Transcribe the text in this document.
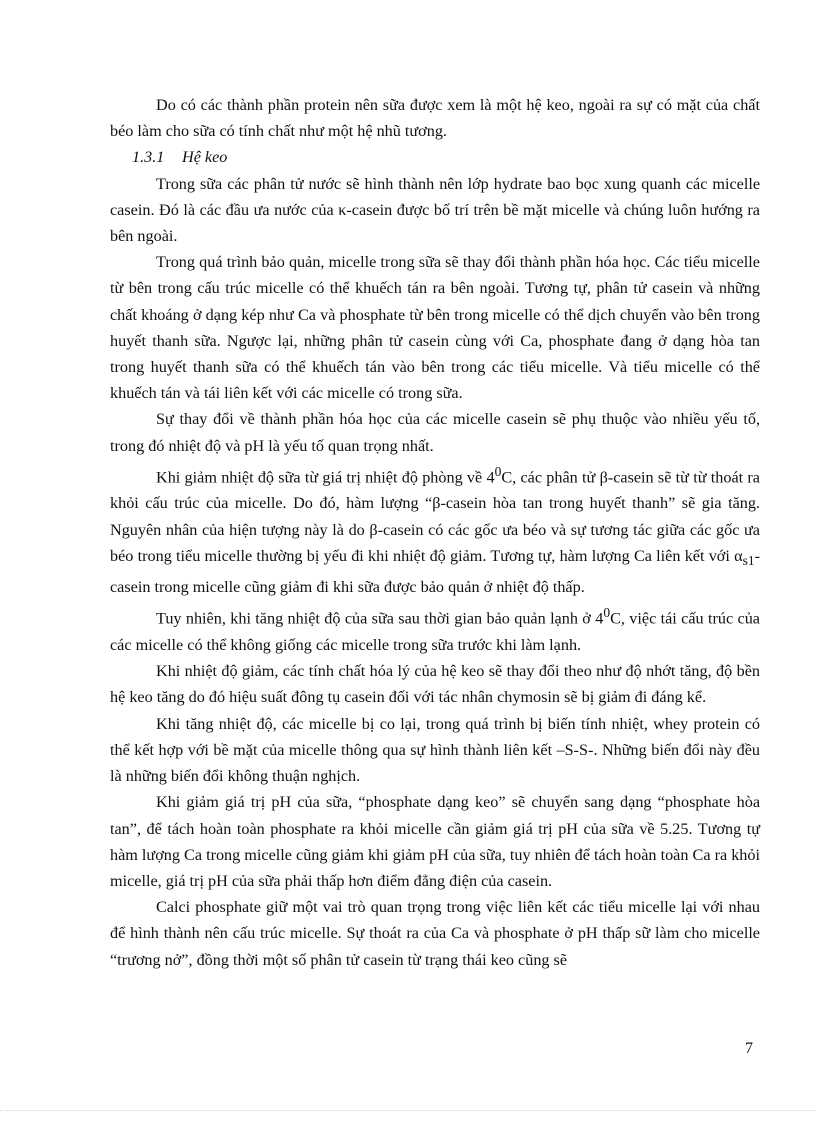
Do có các thành phần protein nên sữa được xem là một hệ keo, ngoài ra sự có mặt của chất béo làm cho sữa có tính chất như một hệ nhũ tương.

1.3.1 Hệ keo

Trong sữa các phân tử nước sẽ hình thành nên lớp hydrate bao bọc xung quanh các micelle casein. Đó là các đầu ưa nước của κ-casein được bố trí trên bề mặt micelle và chúng luôn hướng ra bên ngoài.

Trong quá trình bảo quản, micelle trong sữa sẽ thay đổi thành phần hóa học. Các tiểu micelle từ bên trong cấu trúc micelle có thể khuếch tán ra bên ngoài. Tương tự, phân tử casein và những chất khoáng ở dạng kép như Ca và phosphate từ bên trong micelle có thể dịch chuyển vào bên trong huyết thanh sữa. Ngược lại, những phân tử casein cùng với Ca, phosphate đang ở dạng hòa tan trong huyết thanh sữa có thể khuếch tán vào bên trong các tiểu micelle. Và tiểu micelle có thể khuếch tán và tái liên kết với các micelle có trong sữa.

Sự thay đổi về thành phần hóa học của các micelle casein sẽ phụ thuộc vào nhiều yếu tố, trong đó nhiệt độ và pH là yếu tố quan trọng nhất.

Khi giảm nhiệt độ sữa từ giá trị nhiệt độ phòng về $4^0C$, các phân tử β-casein sẽ từ từ thoát ra khỏi cấu trúc của micelle. Do đó, hàm lượng “β-casein hòa tan trong huyết thanh” sẽ gia tăng. Nguyên nhân của hiện tượng này là do β-casein có các gốc ưa béo và sự tương tác giữa các gốc ưa béo trong tiểu micelle thường bị yếu đi khi nhiệt độ giảm. Tương tự, hàm lượng Ca liên kết với $\alpha_{s1}$-casein trong micelle cũng giảm đi khi sữa được bảo quản ở nhiệt độ thấp.

Tuy nhiên, khi tăng nhiệt độ của sữa sau thời gian bảo quản lạnh ở $4^0C$, việc tái cấu trúc của các micelle có thể không giống các micelle trong sữa trước khi làm lạnh.

Khi nhiệt độ giảm, các tính chất hóa lý của hệ keo sẽ thay đổi theo như độ nhớt tăng, độ bền hệ keo tăng do đó hiệu suất đông tụ casein đối với tác nhân chymosin sẽ bị giảm đi đáng kể.

Khi tăng nhiệt độ, các micelle bị co lại, trong quá trình bị biến tính nhiệt, whey protein có thể kết hợp với bề mặt của micelle thông qua sự hình thành liên kết –S-S-. Những biến đổi này đều là những biến đổi không thuận nghịch.

Khi giảm giá trị pH của sữa, “phosphate dạng keo” sẽ chuyển sang dạng “phosphate hòa tan”, để tách hoàn toàn phosphate ra khỏi micelle cần giảm giá trị pH của sữa về 5.25. Tương tự hàm lượng Ca trong micelle cũng giảm khi giảm pH của sữa, tuy nhiên để tách hoàn toàn Ca ra khỏi micelle, giá trị pH của sữa phải thấp hơn điểm đẳng điện của casein.

Calci phosphate giữ một vai trò quan trọng trong việc liên kết các tiểu micelle lại với nhau để hình thành nên cấu trúc micelle. Sự thoát ra của Ca và phosphate ở pH thấp sữ làm cho micelle “trương nở”, đồng thời một số phân tử casein từ trạng thái keo cũng sẽ

7
